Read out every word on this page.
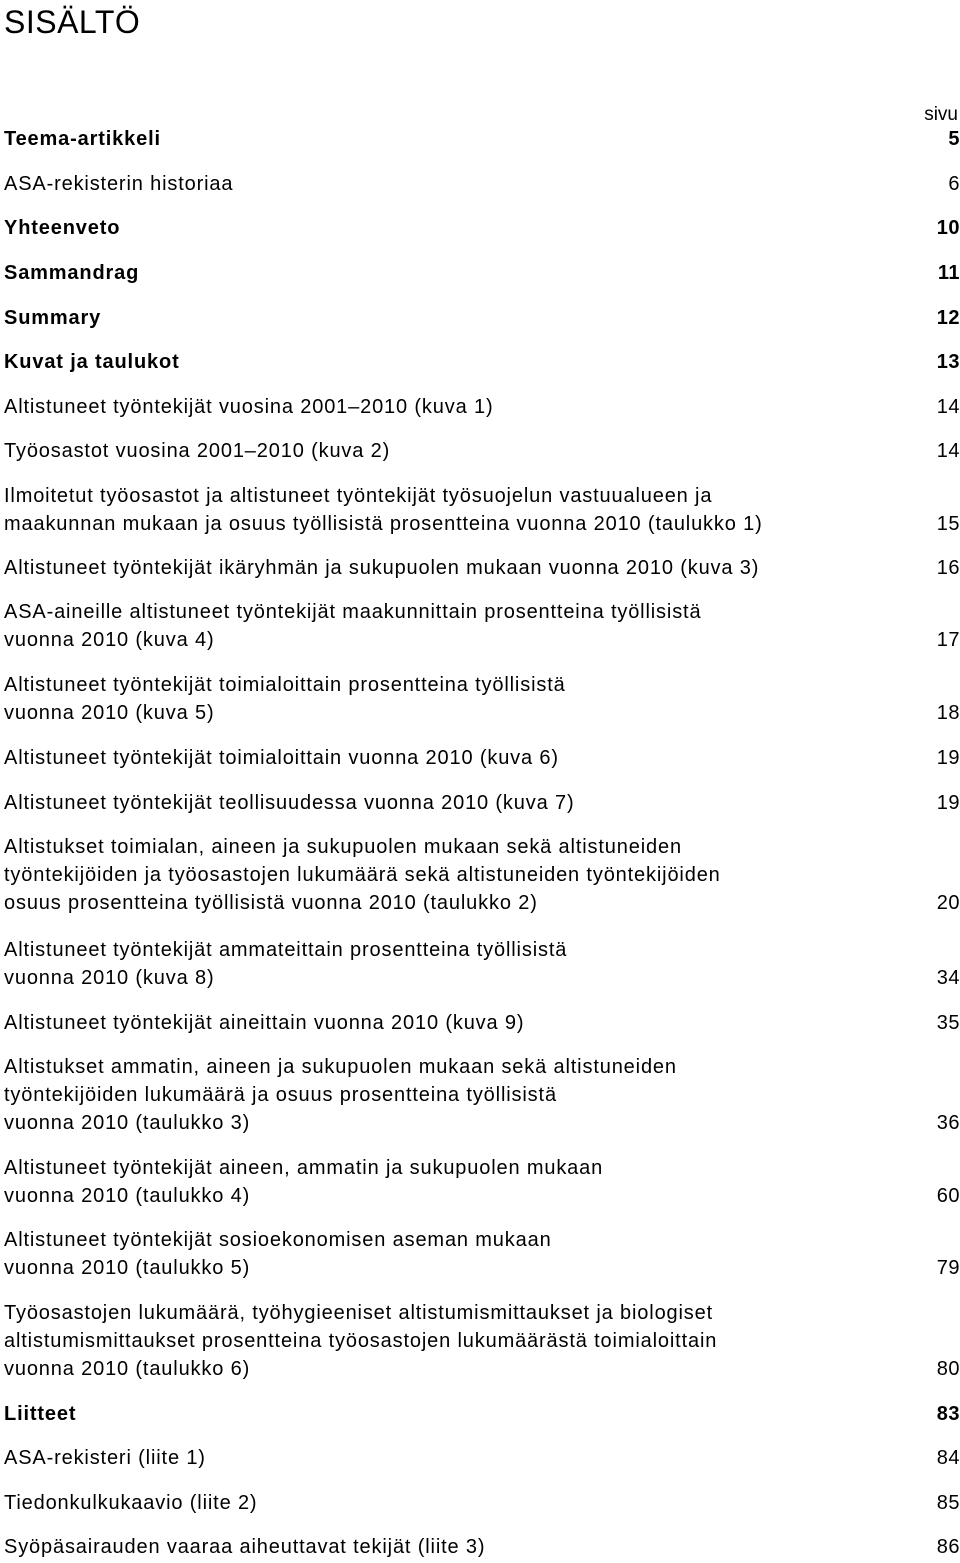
SISÄLTÖ
sivu
Teema-artikkeli	5
ASA-rekisterin historiaa	6
Yhteenveto	10
Sammandrag	11
Summary	12
Kuvat ja taulukot	13
Altistuneet työntekijät vuosina 2001–2010 (kuva 1)	14
Työosastot vuosina 2001–2010 (kuva 2)	14
Ilmoitetut työosastot ja altistuneet työntekijät työsuojelun vastuualueen ja
maakunnan mukaan ja osuus työllisistä prosentteina vuonna 2010 (taulukko 1)	15
Altistuneet työntekijät ikäryhmän ja sukupuolen mukaan vuonna 2010 (kuva 3)	16
ASA-aineille altistuneet työntekijät maakunnittain prosentteina työllisistä
vuonna 2010 (kuva 4)	17
Altistuneet työntekijät toimialoittain prosentteina työllisistä
vuonna 2010 (kuva 5)	18
Altistuneet työntekijät toimialoittain vuonna 2010 (kuva 6)	19
Altistuneet työntekijät teollisuudessa vuonna 2010 (kuva 7)	19
Altistukset toimialan, aineen ja sukupuolen mukaan sekä altistuneiden
työntekijöiden ja työosastojen lukumäärä sekä altistuneiden työntekijöiden
osuus prosentteina työllisistä vuonna 2010 (taulukko 2)	20
Altistuneet työntekijät ammateittain prosentteina työllisistä
vuonna 2010 (kuva 8)	34
Altistuneet työntekijät aineittain vuonna 2010 (kuva 9)	35
Altistukset ammatin, aineen ja sukupuolen mukaan sekä altistuneiden
työntekijöiden lukumäärä ja osuus prosentteina työllisistä
vuonna 2010 (taulukko 3)	36
Altistuneet työntekijät aineen, ammatin ja sukupuolen mukaan
vuonna 2010 (taulukko 4)	60
Altistuneet työntekijät sosioekonomisen aseman mukaan
vuonna 2010 (taulukko 5)	79
Työosastojen lukumäärä, työhygieeniset altistumismittaukset ja biologiset
altistumismittaukset prosentteina työosastojen lukumäärästä toimialoittain
vuonna 2010 (taulukko 6)	80
Liitteet	83
ASA-rekisteri (liite 1)	84
Tiedonkulkukaavio (liite 2)	85
Syöpäsairauden vaaraa aiheuttavat tekijät (liite 3)	86
